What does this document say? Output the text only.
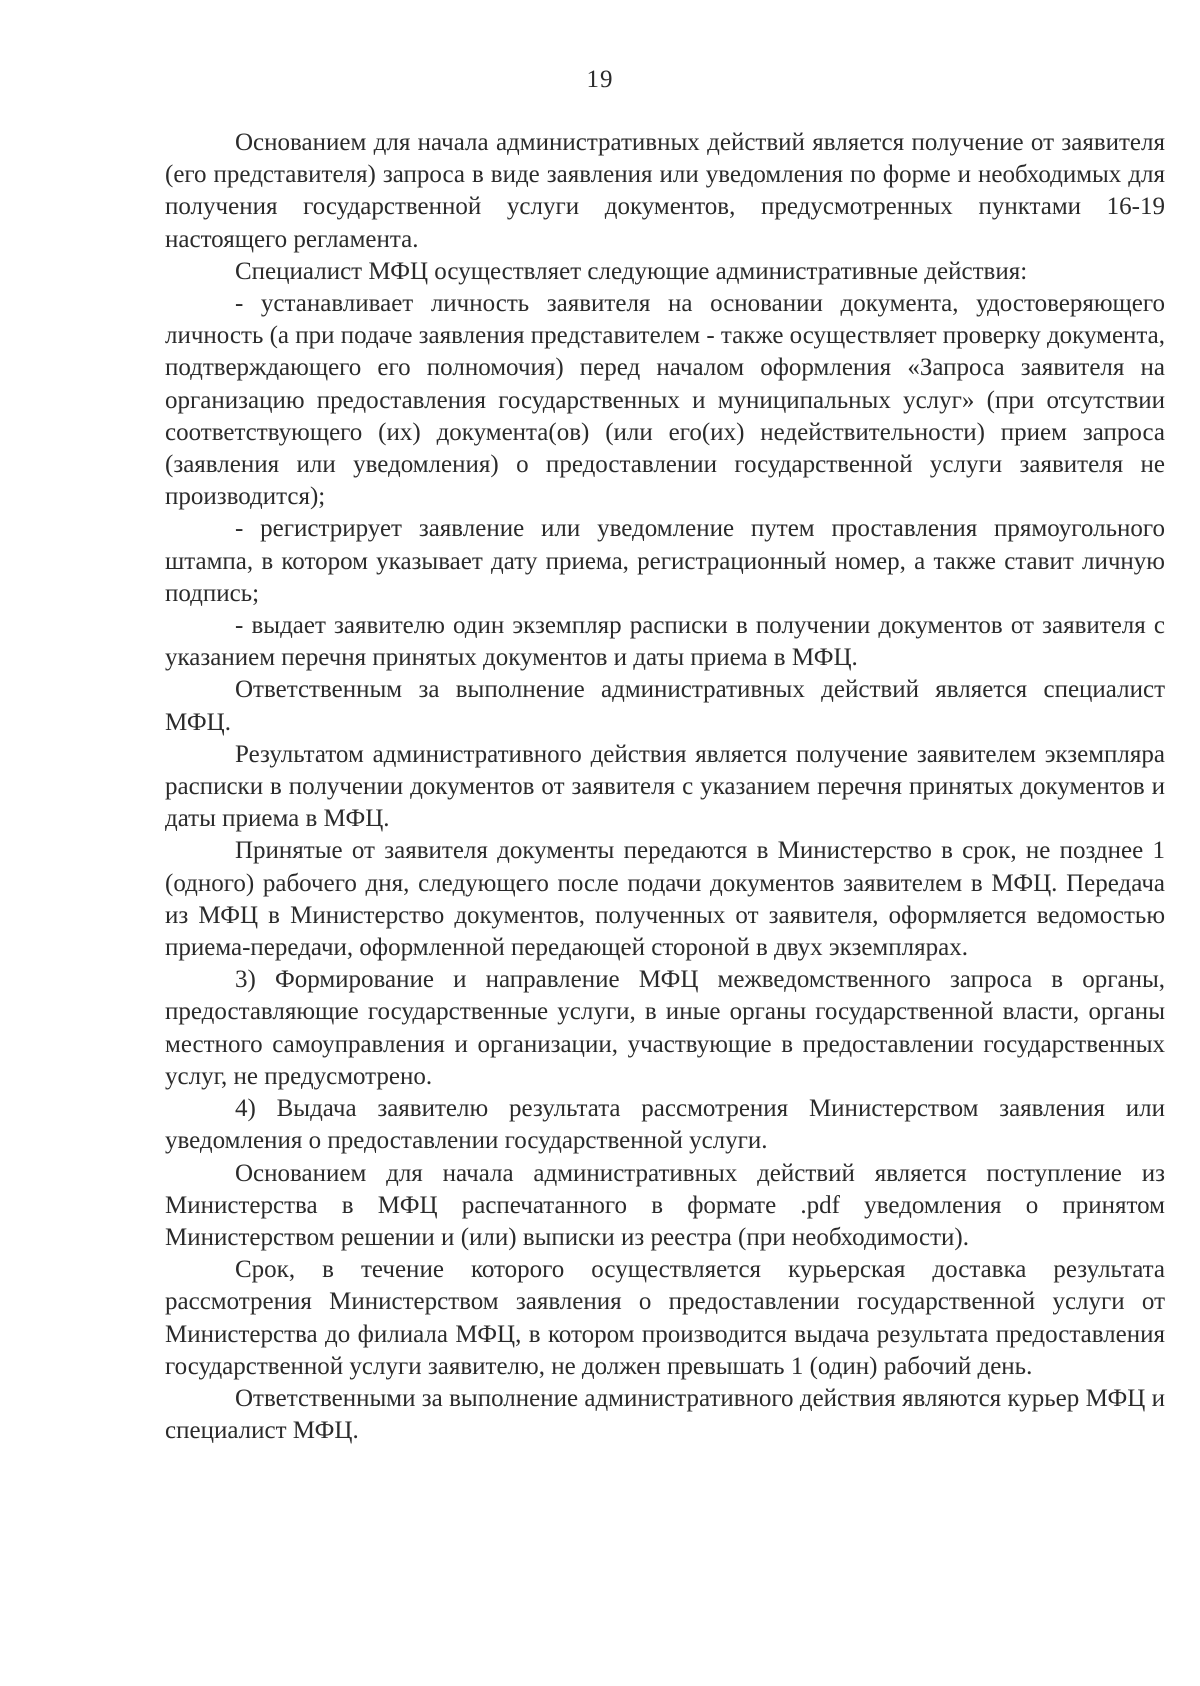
19

Основанием для начала административных действий является получение от заявителя (его представителя) запроса в виде заявления или уведомления по форме и необходимых для получения государственной услуги документов, предусмотренных пунктами 16-19 настоящего регламента.

Специалист МФЦ осуществляет следующие административные действия:

- устанавливает личность заявителя на основании документа, удостоверяющего личность (а при подаче заявления представителем - также осуществляет проверку документа, подтверждающего его полномочия) перед началом оформления «Запроса заявителя на организацию предоставления государственных и муниципальных услуг» (при отсутствии соответствующего (их) документа(ов) (или его(их) недействительности) прием запроса (заявления или уведомления) о предоставлении государственной услуги заявителя не производится);

- регистрирует заявление или уведомление путем проставления прямоугольного штампа, в котором указывает дату приема, регистрационный номер, а также ставит личную подпись;

- выдает заявителю один экземпляр расписки в получении документов от заявителя с указанием перечня принятых документов и даты приема в МФЦ.

Ответственным за выполнение административных действий является специалист МФЦ.

Результатом административного действия является получение заявителем экземпляра расписки в получении документов от заявителя с указанием перечня принятых документов и даты приема в МФЦ.

Принятые от заявителя документы передаются в Министерство в срок, не позднее 1 (одного) рабочего дня, следующего после подачи документов заявителем в МФЦ. Передача из МФЦ в Министерство документов, полученных от заявителя, оформляется ведомостью приема-передачи, оформленной передающей стороной в двух экземплярах.

3) Формирование и направление МФЦ межведомственного запроса в органы, предоставляющие государственные услуги, в иные органы государственной власти, органы местного самоуправления и организации, участвующие в предоставлении государственных услуг, не предусмотрено.

4) Выдача заявителю результата рассмотрения Министерством заявления или уведомления о предоставлении государственной услуги.

Основанием для начала административных действий является поступление из Министерства в МФЦ распечатанного в формате .pdf уведомления о принятом Министерством решении и (или) выписки из реестра (при необходимости).

Срок, в течение которого осуществляется курьерская доставка результата рассмотрения Министерством заявления о предоставлении государственной услуги от Министерства до филиала МФЦ, в котором производится выдача результата предоставления государственной услуги заявителю, не должен превышать 1 (один) рабочий день.

Ответственными за выполнение административного действия являются курьер МФЦ и специалист МФЦ.
